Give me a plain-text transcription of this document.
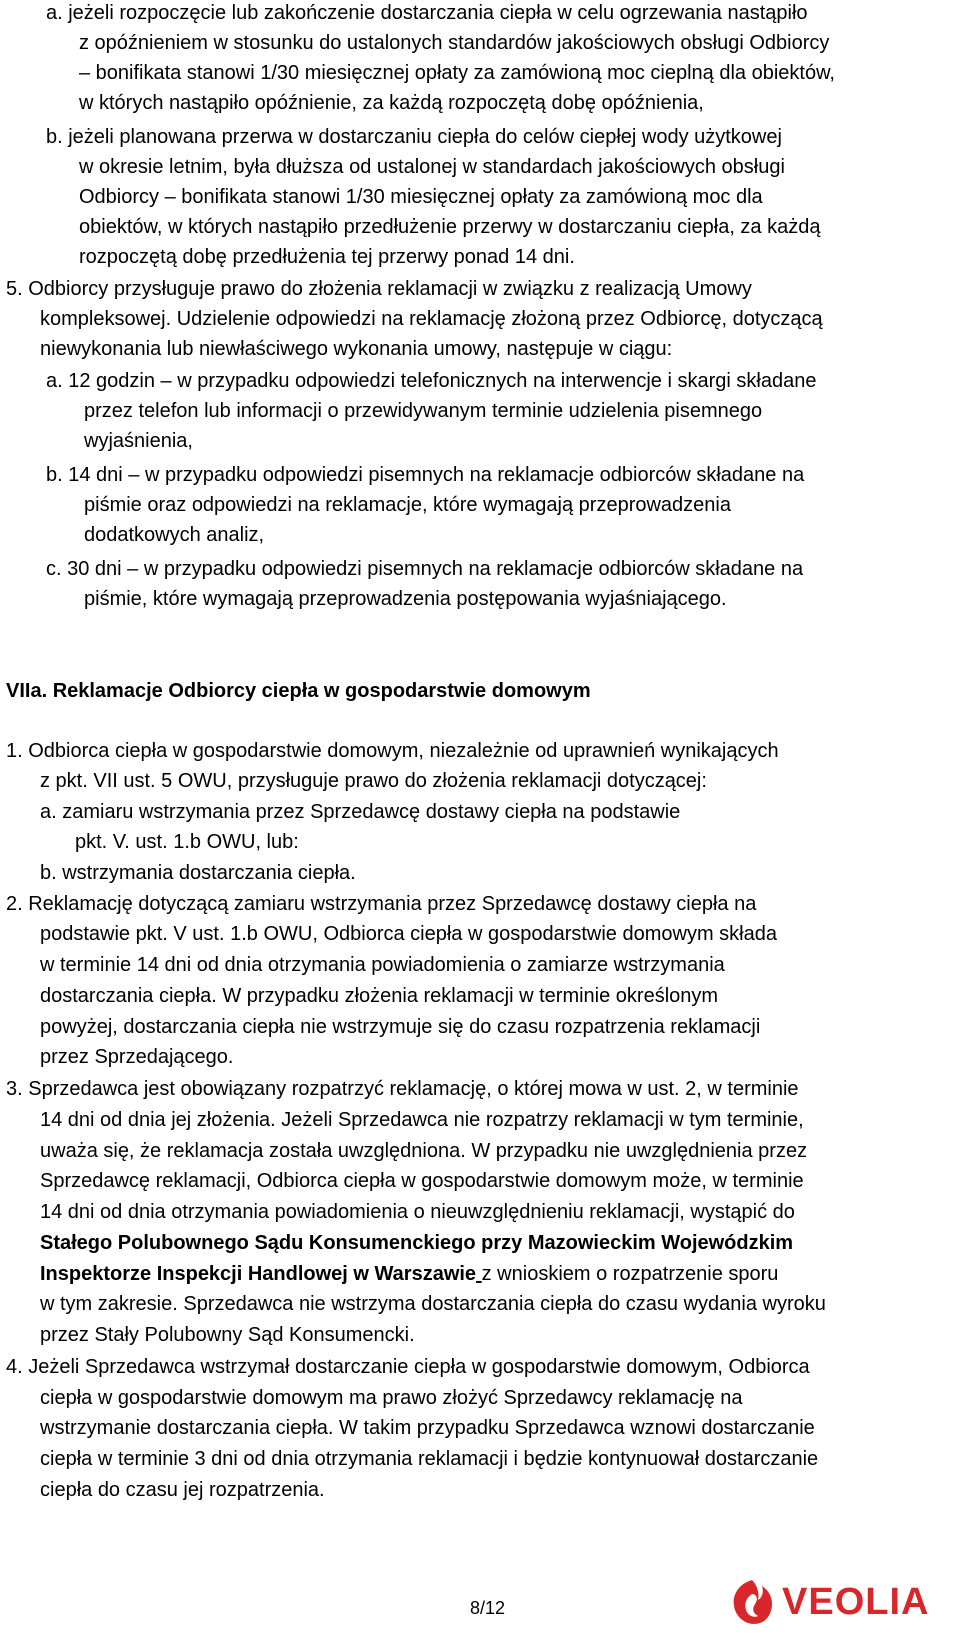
a. jeżeli rozpoczęcie lub zakończenie dostarczania ciepła w celu ogrzewania nastąpiło
z opóźnieniem w stosunku do ustalonych standardów jakościowych obsługi Odbiorcy
– bonifikata stanowi 1/30 miesięcznej opłaty za zamówioną moc cieplną dla obiektów,
w których nastąpiło opóźnienie, za każdą rozpoczętą dobę opóźnienia,
b. jeżeli planowana przerwa w dostarczaniu ciepła do celów ciepłej wody użytkowej
w okresie letnim, była dłuższa od ustalonej w standardach jakościowych obsługi
Odbiorcy – bonifikata stanowi 1/30 miesięcznej opłaty za zamówioną moc dla
obiektów, w których nastąpiło przedłużenie przerwy w dostarczaniu ciepła, za każdą
rozpoczętą dobę przedłużenia tej przerwy ponad 14 dni.
5. Odbiorcy przysługuje prawo do złożenia reklamacji w związku z realizacją Umowy
kompleksowej. Udzielenie odpowiedzi na reklamację złożoną przez Odbiorcę, dotyczącą
niewykonania lub niewłaściwego wykonania umowy, następuje w ciągu:
a. 12 godzin – w przypadku odpowiedzi telefonicznych na interwencje i skargi składane
przez telefon lub informacji o przewidywanym terminie udzielenia pisemnego
wyjaśnienia,
b. 14 dni – w przypadku odpowiedzi pisemnych na reklamacje odbiorców składane na
piśmie oraz odpowiedzi na reklamacje, które wymagają przeprowadzenia
dodatkowych analiz,
c. 30 dni – w przypadku odpowiedzi pisemnych na reklamacje odbiorców składane na
piśmie, które wymagają przeprowadzenia postępowania wyjaśniającego.
VIIa. Reklamacje Odbiorcy ciepła w gospodarstwie domowym
1. Odbiorca ciepła w gospodarstwie domowym, niezależnie od uprawnień wynikających
z pkt. VII ust. 5 OWU, przysługuje prawo do złożenia reklamacji dotyczącej:
a. zamiaru wstrzymania przez Sprzedawcę dostawy ciepła na podstawie
pkt. V. ust. 1.b OWU, lub:
b. wstrzymania dostarczania ciepła.
2. Reklamację dotyczącą zamiaru wstrzymania przez Sprzedawcę dostawy ciepła na
podstawie pkt. V ust. 1.b OWU, Odbiorca ciepła w gospodarstwie domowym składa
w terminie 14 dni od dnia otrzymania powiadomienia o zamiarze wstrzymania
dostarczania ciepła. W przypadku złożenia reklamacji w terminie określonym
powyżej, dostarczania ciepła nie wstrzymuje się do czasu rozpatrzenia reklamacji
przez Sprzedającego.
3. Sprzedawca jest obowiązany rozpatrzyć reklamację, o której mowa w ust. 2, w terminie
14 dni od dnia jej złożenia. Jeżeli Sprzedawca nie rozpatrzy reklamacji w tym terminie,
uważa się, że reklamacja została uwzględniona. W przypadku nie uwzględnienia przez
Sprzedawcę reklamacji, Odbiorca ciepła w gospodarstwie domowym może, w terminie
14 dni od dnia otrzymania powiadomienia o nieuwzględnieniu reklamacji, wystąpić do
Stałego Polubownego Sądu Konsumenckiego przy Mazowieckim Wojewódzkim
Inspektorze Inspekcji Handlowej w Warszawie z wnioskiem o rozpatrzenie sporu
w tym zakresie. Sprzedawca nie wstrzyma dostarczania ciepła do czasu wydania wyroku
przez Stały Polubowny Sąd Konsumencki.
4. Jeżeli Sprzedawca wstrzymał dostarczanie ciepła w gospodarstwie domowym, Odbiorca
ciepła w gospodarstwie domowym ma prawo złożyć Sprzedawcy reklamację na
wstrzymanie dostarczania ciepła. W takim przypadku Sprzedawca wznowi dostarczanie
ciepła w terminie 3 dni od dnia otrzymania reklamacji i będzie kontynuował dostarczanie
ciepła do czasu jej rozpatrzenia.
8/12	VEOLIA
